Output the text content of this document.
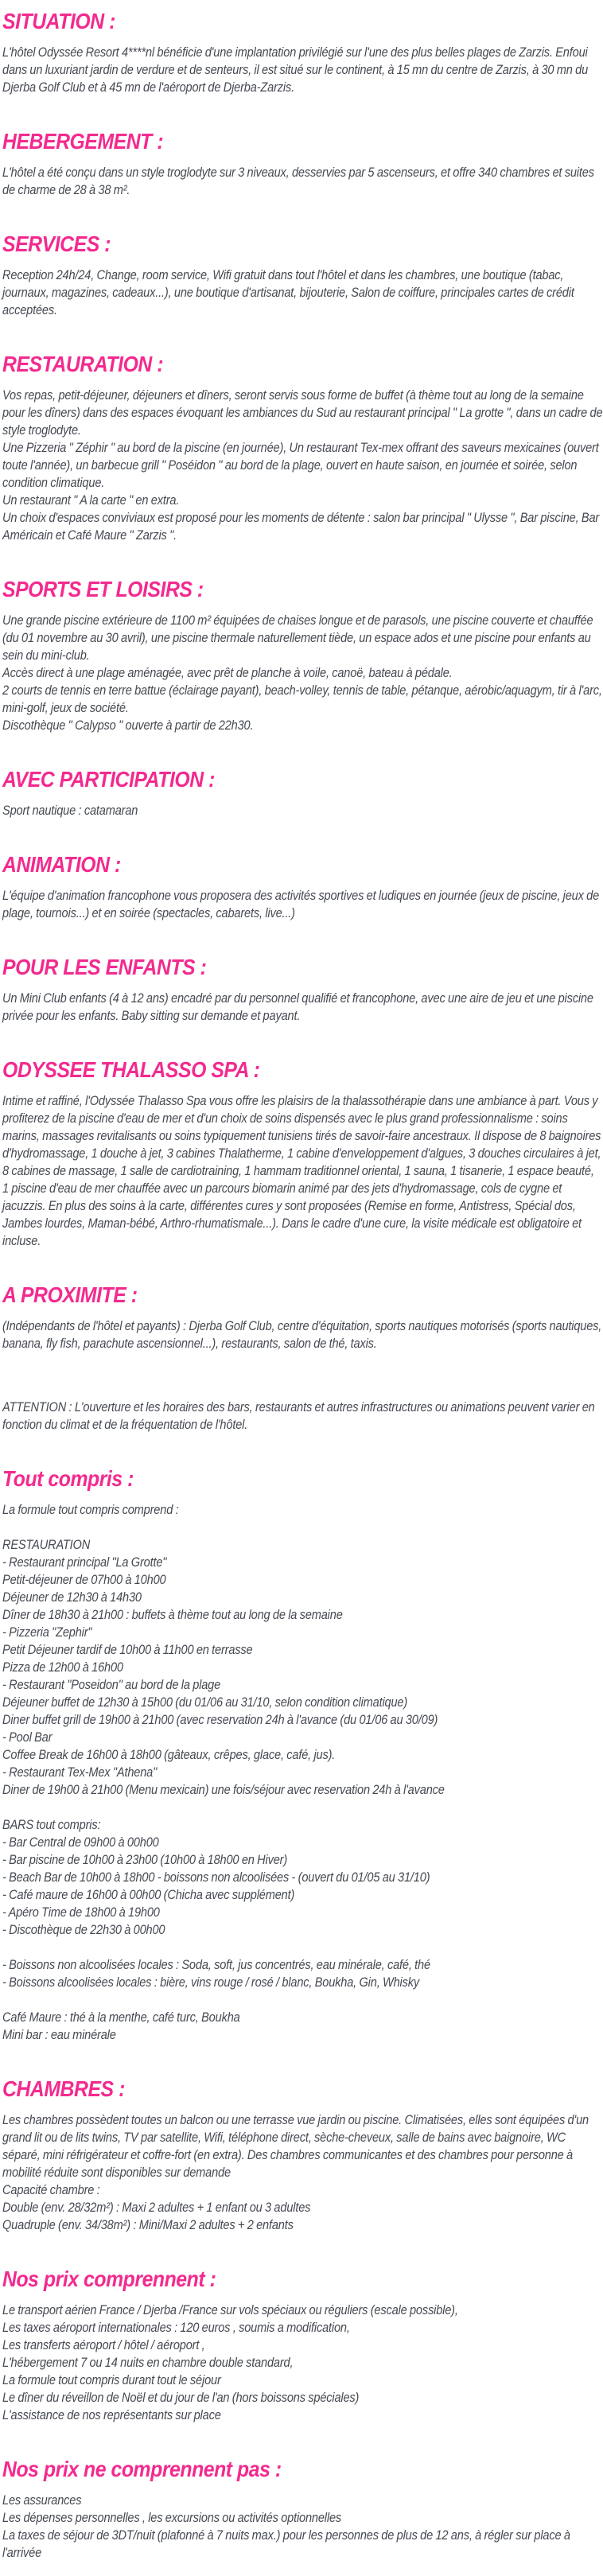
SITUATION :

L'hôtel Odyssée Resort 4****nl bénéficie d'une implantation privilégié sur l'une des plus belles plages de Zarzis. Enfoui dans un luxuriant jardin de verdure et de senteurs, il est situé sur le continent, à 15 mn du centre de Zarzis, à 30 mn du Djerba Golf Club et à 45 mn de l'aéroport de Djerba-Zarzis.

HEBERGEMENT :

L'hôtel a été conçu dans un style troglodyte sur 3 niveaux, desservies par 5 ascenseurs, et offre 340 chambres et suites de charme de 28 à 38 m².

SERVICES :

Reception 24h/24, Change, room service, Wifi gratuit dans tout l'hôtel et dans les chambres, une boutique (tabac, journaux, magazines, cadeaux...), une boutique d'artisanat, bijouterie, Salon de coiffure, principales cartes de crédit acceptées.

RESTAURATION :

Vos repas, petit-déjeuner, déjeuners et dîners, seront servis sous forme de buffet (à thème tout au long de la semaine pour les dîners) dans des espaces évoquant les ambiances du Sud au restaurant principal " La grotte ", dans un cadre de style troglodyte.

Une Pizzeria " Zéphir " au bord de la piscine (en journée), Un restaurant Tex-mex offrant des saveurs mexicaines (ouvert toute l'année), un barbecue grill " Poséidon " au bord de la plage, ouvert en haute saison, en journée et soirée, selon condition climatique.

Un restaurant " A la carte " en extra.

Un choix d'espaces conviviaux est proposé pour les moments de détente : salon bar principal " Ulysse ", Bar piscine, Bar Américain et Café Maure " Zarzis ".

SPORTS ET LOISIRS :

Une grande piscine extérieure de 1100 m² équipées de chaises longue et de parasols, une piscine couverte et chauffée (du 01 novembre au 30 avril), une piscine thermale naturellement tiède, un espace ados et une piscine pour enfants au sein du mini-club.

Accès direct à une plage aménagée, avec prêt de planche à voile, canoë, bateau à pédale.

2 courts de tennis en terre battue (éclairage payant), beach-volley, tennis de table, pétanque, aérobic/aquagym, tir à l'arc, mini-golf, jeux de société.

Discothèque " Calypso " ouverte à partir de 22h30.

AVEC PARTICIPATION :

Sport nautique : catamaran

ANIMATION :

L'équipe d'animation francophone vous proposera des activités sportives et ludiques en journée (jeux de piscine, jeux de plage, tournois...) et en soirée (spectacles, cabarets, live...)

POUR LES ENFANTS :

Un Mini Club enfants (4 à 12 ans) encadré par du personnel qualifié et francophone, avec une aire de jeu et une piscine privée pour les enfants. Baby sitting sur demande et payant.

ODYSSEE THALASSO SPA :

Intime et raffiné, l'Odyssée Thalasso Spa vous offre les plaisirs de la thalassothérapie dans une ambiance à part. Vous y profiterez de la piscine d'eau de mer et d'un choix de soins dispensés avec le plus grand professionnalisme : soins marins, massages revitalisants ou soins typiquement tunisiens tirés de savoir-faire ancestraux. Il dispose de 8 baignoires d'hydromassage, 1 douche à jet, 3 cabines Thalatherme, 1 cabine d'enveloppement d'algues, 3 douches circulaires à jet, 8 cabines de massage, 1 salle de cardiotraining, 1 hammam traditionnel oriental, 1 sauna, 1 tisanerie, 1 espace beauté, 1 piscine d'eau de mer chauffée avec un parcours biomarin animé par des jets d'hydromassage, cols de cygne et jacuzzis. En plus des soins à la carte, différentes cures y sont proposées (Remise en forme, Antistress, Spécial dos, Jambes lourdes, Maman-bébé, Arthro-rhumatismale...). Dans le cadre d'une cure, la visite médicale est obligatoire et incluse.

A PROXIMITE :

(Indépendants de l'hôtel et payants) : Djerba Golf Club, centre d'équitation, sports nautiques motorisés (sports nautiques, banana, fly fish, parachute ascensionnel...), restaurants, salon de thé, taxis.

ATTENTION : L'ouverture et les horaires des bars, restaurants et autres infrastructures ou animations peuvent varier en fonction du climat et de la fréquentation de l'hôtel.

Tout compris :

La formule tout compris comprend :

RESTAURATION

- Restaurant principal "La Grotte"

Petit-déjeuner de 07h00 à 10h00

Déjeuner de 12h30 à 14h30

Dîner de 18h30 à 21h00 : buffets à thème tout au long de la semaine

- Pizzeria "Zephir"

Petit Déjeuner tardif de 10h00 à 11h00 en terrasse

Pizza de 12h00 à 16h00

- Restaurant "Poseidon" au bord de la plage

Déjeuner buffet de 12h30 à 15h00 (du 01/06 au 31/10, selon condition climatique)

Diner buffet grill de 19h00 à 21h00 (avec reservation 24h à l'avance (du 01/06 au 30/09)

- Pool Bar

Coffee Break de 16h00 à 18h00 (gâteaux, crêpes, glace, café, jus).

- Restaurant Tex-Mex "Athena"

Diner de 19h00 à 21h00 (Menu mexicain) une fois/séjour avec reservation 24h à l'avance

BARS tout compris:

- Bar Central de 09h00 à 00h00

- Bar piscine de 10h00 à 23h00 (10h00 à 18h00 en Hiver)

- Beach Bar de 10h00 à 18h00 - boissons non alcoolisées - (ouvert du 01/05 au 31/10)

- Café maure de 16h00 à 00h00 (Chicha avec supplément)

- Apéro Time de 18h00 à 19h00

- Discothèque de 22h30 à 00h00

- Boissons non alcoolisées locales : Soda, soft, jus concentrés, eau minérale, café, thé

- Boissons alcoolisées locales : bière, vins rouge / rosé / blanc, Boukha, Gin, Whisky

Café Maure : thé à la menthe, café turc, Boukha

Mini bar : eau minérale

CHAMBRES :

Les chambres possèdent toutes un balcon ou une terrasse vue jardin ou piscine. Climatisées, elles sont équipées d'un grand lit ou de lits twins, TV par satellite, Wifi, téléphone direct, sèche-cheveux, salle de bains avec baignoire, WC séparé, mini réfrigérateur et coffre-fort (en extra). Des chambres communicantes et des chambres pour personne à mobilité réduite sont disponibles sur demande

Capacité chambre :

Double (env. 28/32m²) : Maxi 2 adultes + 1 enfant ou 3 adultes

Quadruple (env. 34/38m²) : Mini/Maxi 2 adultes + 2 enfants

Nos prix comprennent :

Le transport aérien France / Djerba /France sur vols spéciaux ou réguliers (escale possible),

Les taxes aéroport internationales : 120 euros , soumis a modification,

Les transferts aéroport / hôtel / aéroport ,

L'hébergement 7 ou 14 nuits en chambre double standard,

La formule tout compris durant tout le séjour

Le dîner du réveillon de Noël et du jour de l'an (hors boissons spéciales)

L'assistance de nos représentants sur place

Nos prix ne comprennent pas :

Les assurances

Les dépenses personnelles , les excursions ou activités optionnelles

La taxes de séjour de 3DT/nuit (plafonné à 7 nuits max.) pour les personnes de plus de 12 ans, à régler sur place à l'arrivée
